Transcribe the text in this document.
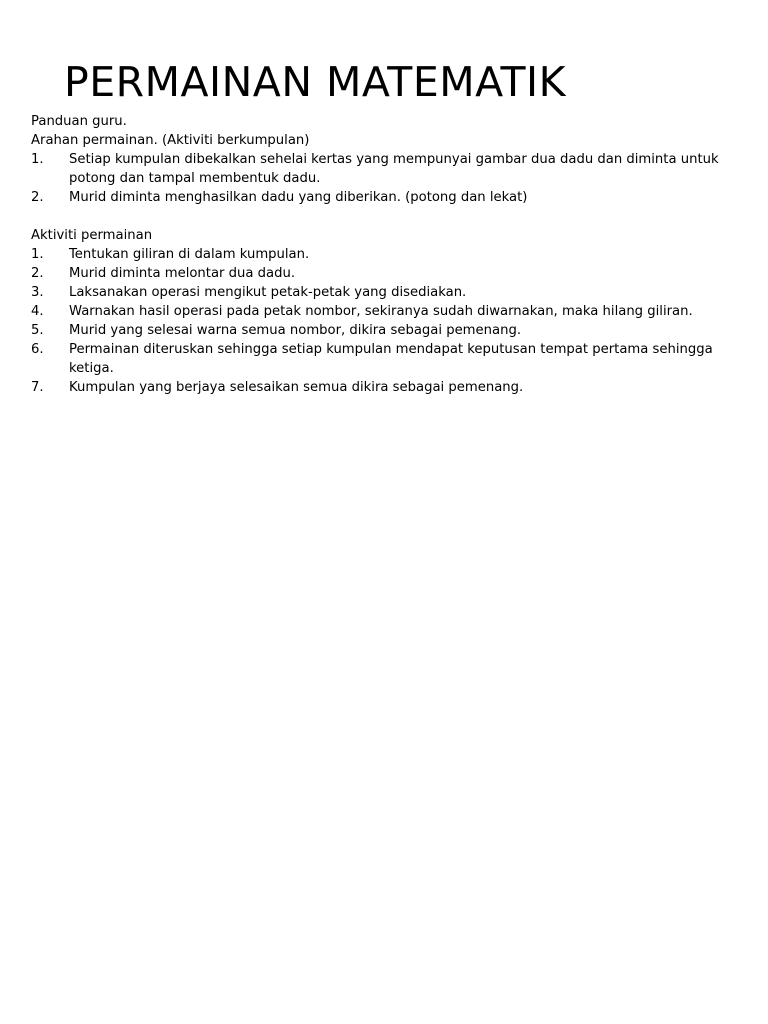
PERMAINAN MATEMATIK

Panduan guru.

Arahan permainan. (Aktiviti berkumpulan)

1. Setiap kumpulan dibekalkan sehelai kertas yang mempunyai gambar dua dadu dan diminta untuk potong dan tampal membentuk dadu.
2. Murid diminta menghasilkan dadu yang diberikan. (potong dan lekat)

Aktiviti permainan

1. Tentukan giliran di dalam kumpulan.
2. Murid diminta melontar dua dadu.
3. Laksanakan operasi mengikut petak-petak yang disediakan.
4. Warnakan hasil operasi pada petak nombor, sekiranya sudah diwarnakan, maka hilang giliran.
5. Murid yang selesai warna semua nombor, dikira sebagai pemenang.
6. Permainan diteruskan sehingga setiap kumpulan mendapat keputusan tempat pertama sehingga ketiga.
7. Kumpulan yang berjaya selesaikan semua dikira sebagai pemenang.
